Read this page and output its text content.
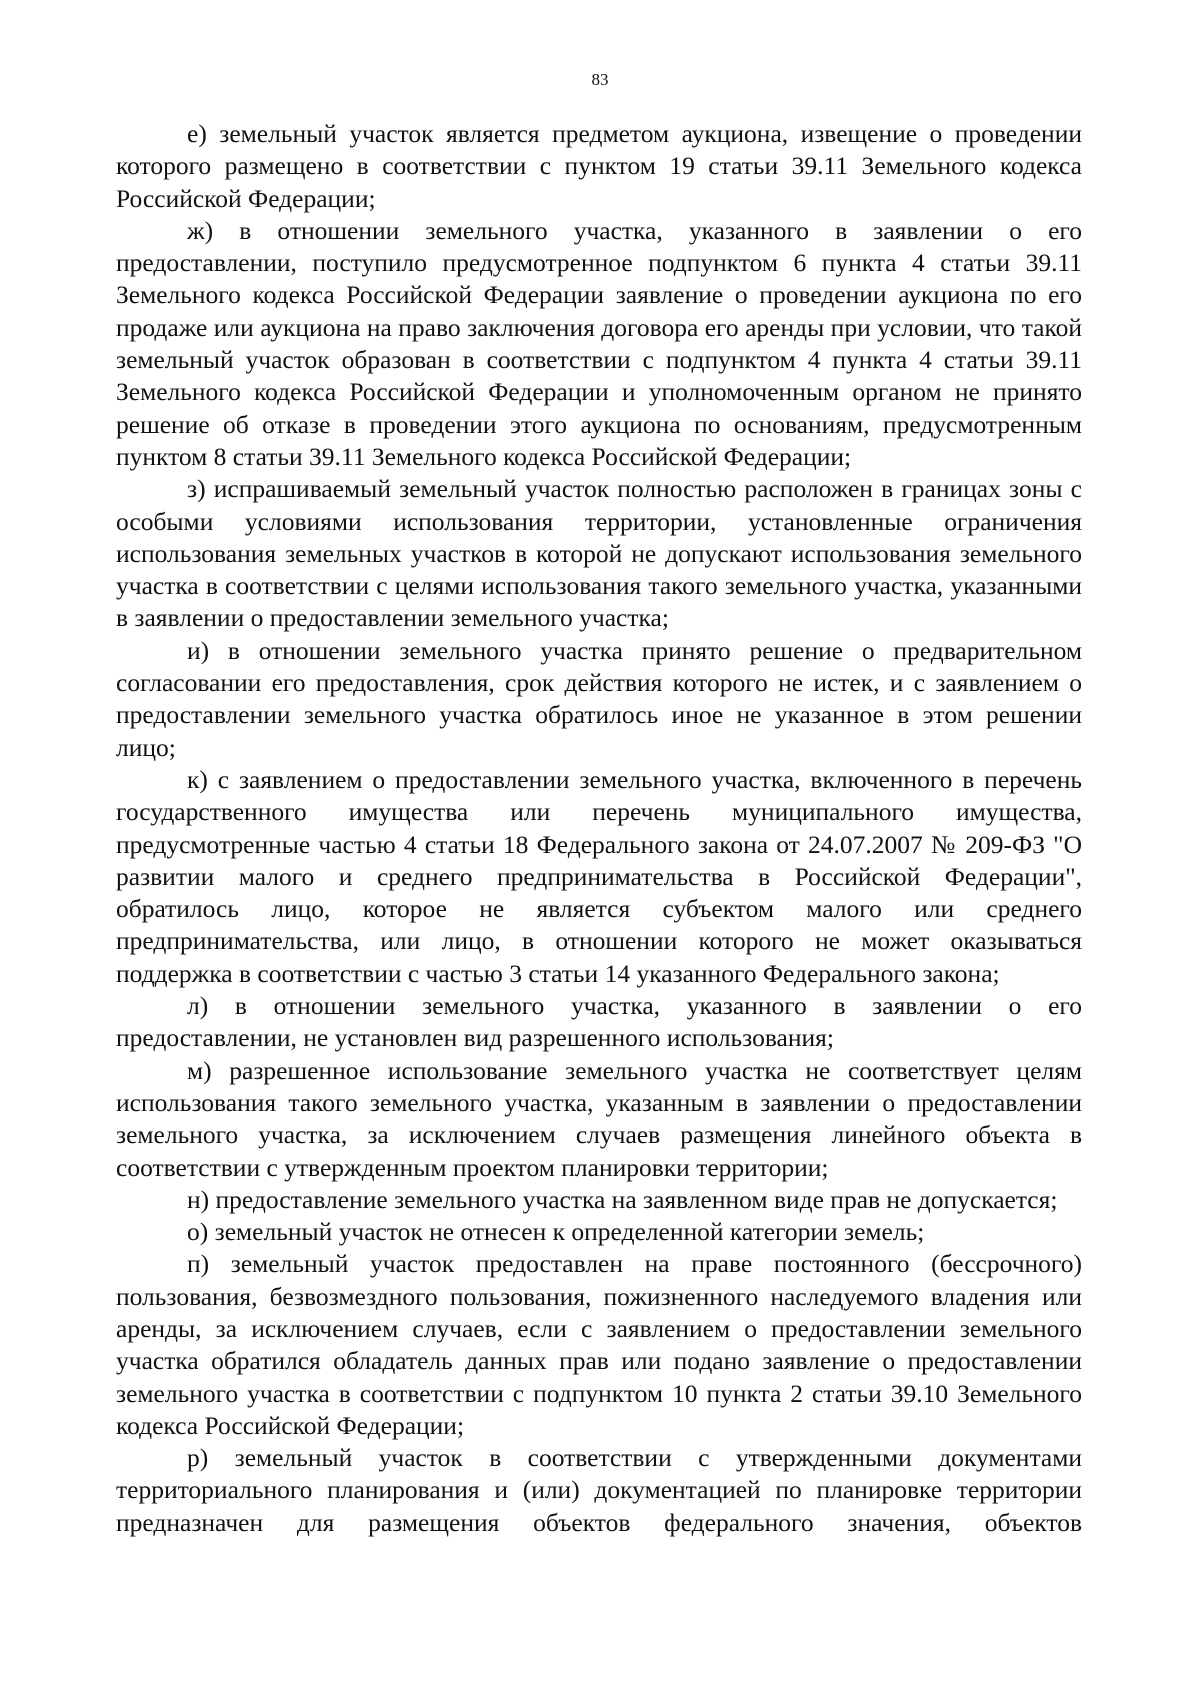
83

е) земельный участок является предметом аукциона, извещение о проведении которого размещено в соответствии с пунктом 19 статьи 39.11 Земельного кодекса Российской Федерации;

ж) в отношении земельного участка, указанного в заявлении о его предоставлении, поступило предусмотренное подпунктом 6 пункта 4 статьи 39.11 Земельного кодекса Российской Федерации заявление о проведении аукциона по его продаже или аукциона на право заключения договора его аренды при условии, что такой земельный участок образован в соответствии с подпунктом 4 пункта 4 статьи 39.11 Земельного кодекса Российской Федерации и уполномоченным органом не принято решение об отказе в проведении этого аукциона по основаниям, предусмотренным пунктом 8 статьи 39.11 Земельного кодекса Российской Федерации;

з) испрашиваемый земельный участок полностью расположен в границах зоны с особыми условиями использования территории, установленные ограничения использования земельных участков в которой не допускают использования земельного участка в соответствии с целями использования такого земельного участка, указанными в заявлении о предоставлении земельного участка;

и) в отношении земельного участка принято решение о предварительном согласовании его предоставления, срок действия которого не истек, и с заявлением о предоставлении земельного участка обратилось иное не указанное в этом решении лицо;

к) с заявлением о предоставлении земельного участка, включенного в перечень государственного имущества или перечень муниципального имущества, предусмотренные частью 4 статьи 18 Федерального закона от 24.07.2007 № 209-ФЗ "О развитии малого и среднего предпринимательства в Российской Федерации", обратилось лицо, которое не является субъектом малого или среднего предпринимательства, или лицо, в отношении которого не может оказываться поддержка в соответствии с частью 3 статьи 14 указанного Федерального закона;

л) в отношении земельного участка, указанного в заявлении о его предоставлении, не установлен вид разрешенного использования;

м) разрешенное использование земельного участка не соответствует целям использования такого земельного участка, указанным в заявлении о предоставлении земельного участка, за исключением случаев размещения линейного объекта в соответствии с утвержденным проектом планировки территории;

н) предоставление земельного участка на заявленном виде прав не допускается;

о) земельный участок не отнесен к определенной категории земель;

п) земельный участок предоставлен на праве постоянного (бессрочного) пользования, безвозмездного пользования, пожизненного наследуемого владения или аренды, за исключением случаев, если с заявлением о предоставлении земельного участка обратился обладатель данных прав или подано заявление о предоставлении земельного участка в соответствии с подпунктом 10 пункта 2 статьи 39.10 Земельного кодекса Российской Федерации;

р) земельный участок в соответствии с утвержденными документами территориального планирования и (или) документацией по планировке территории предназначен для размещения объектов федерального значения, объектов
